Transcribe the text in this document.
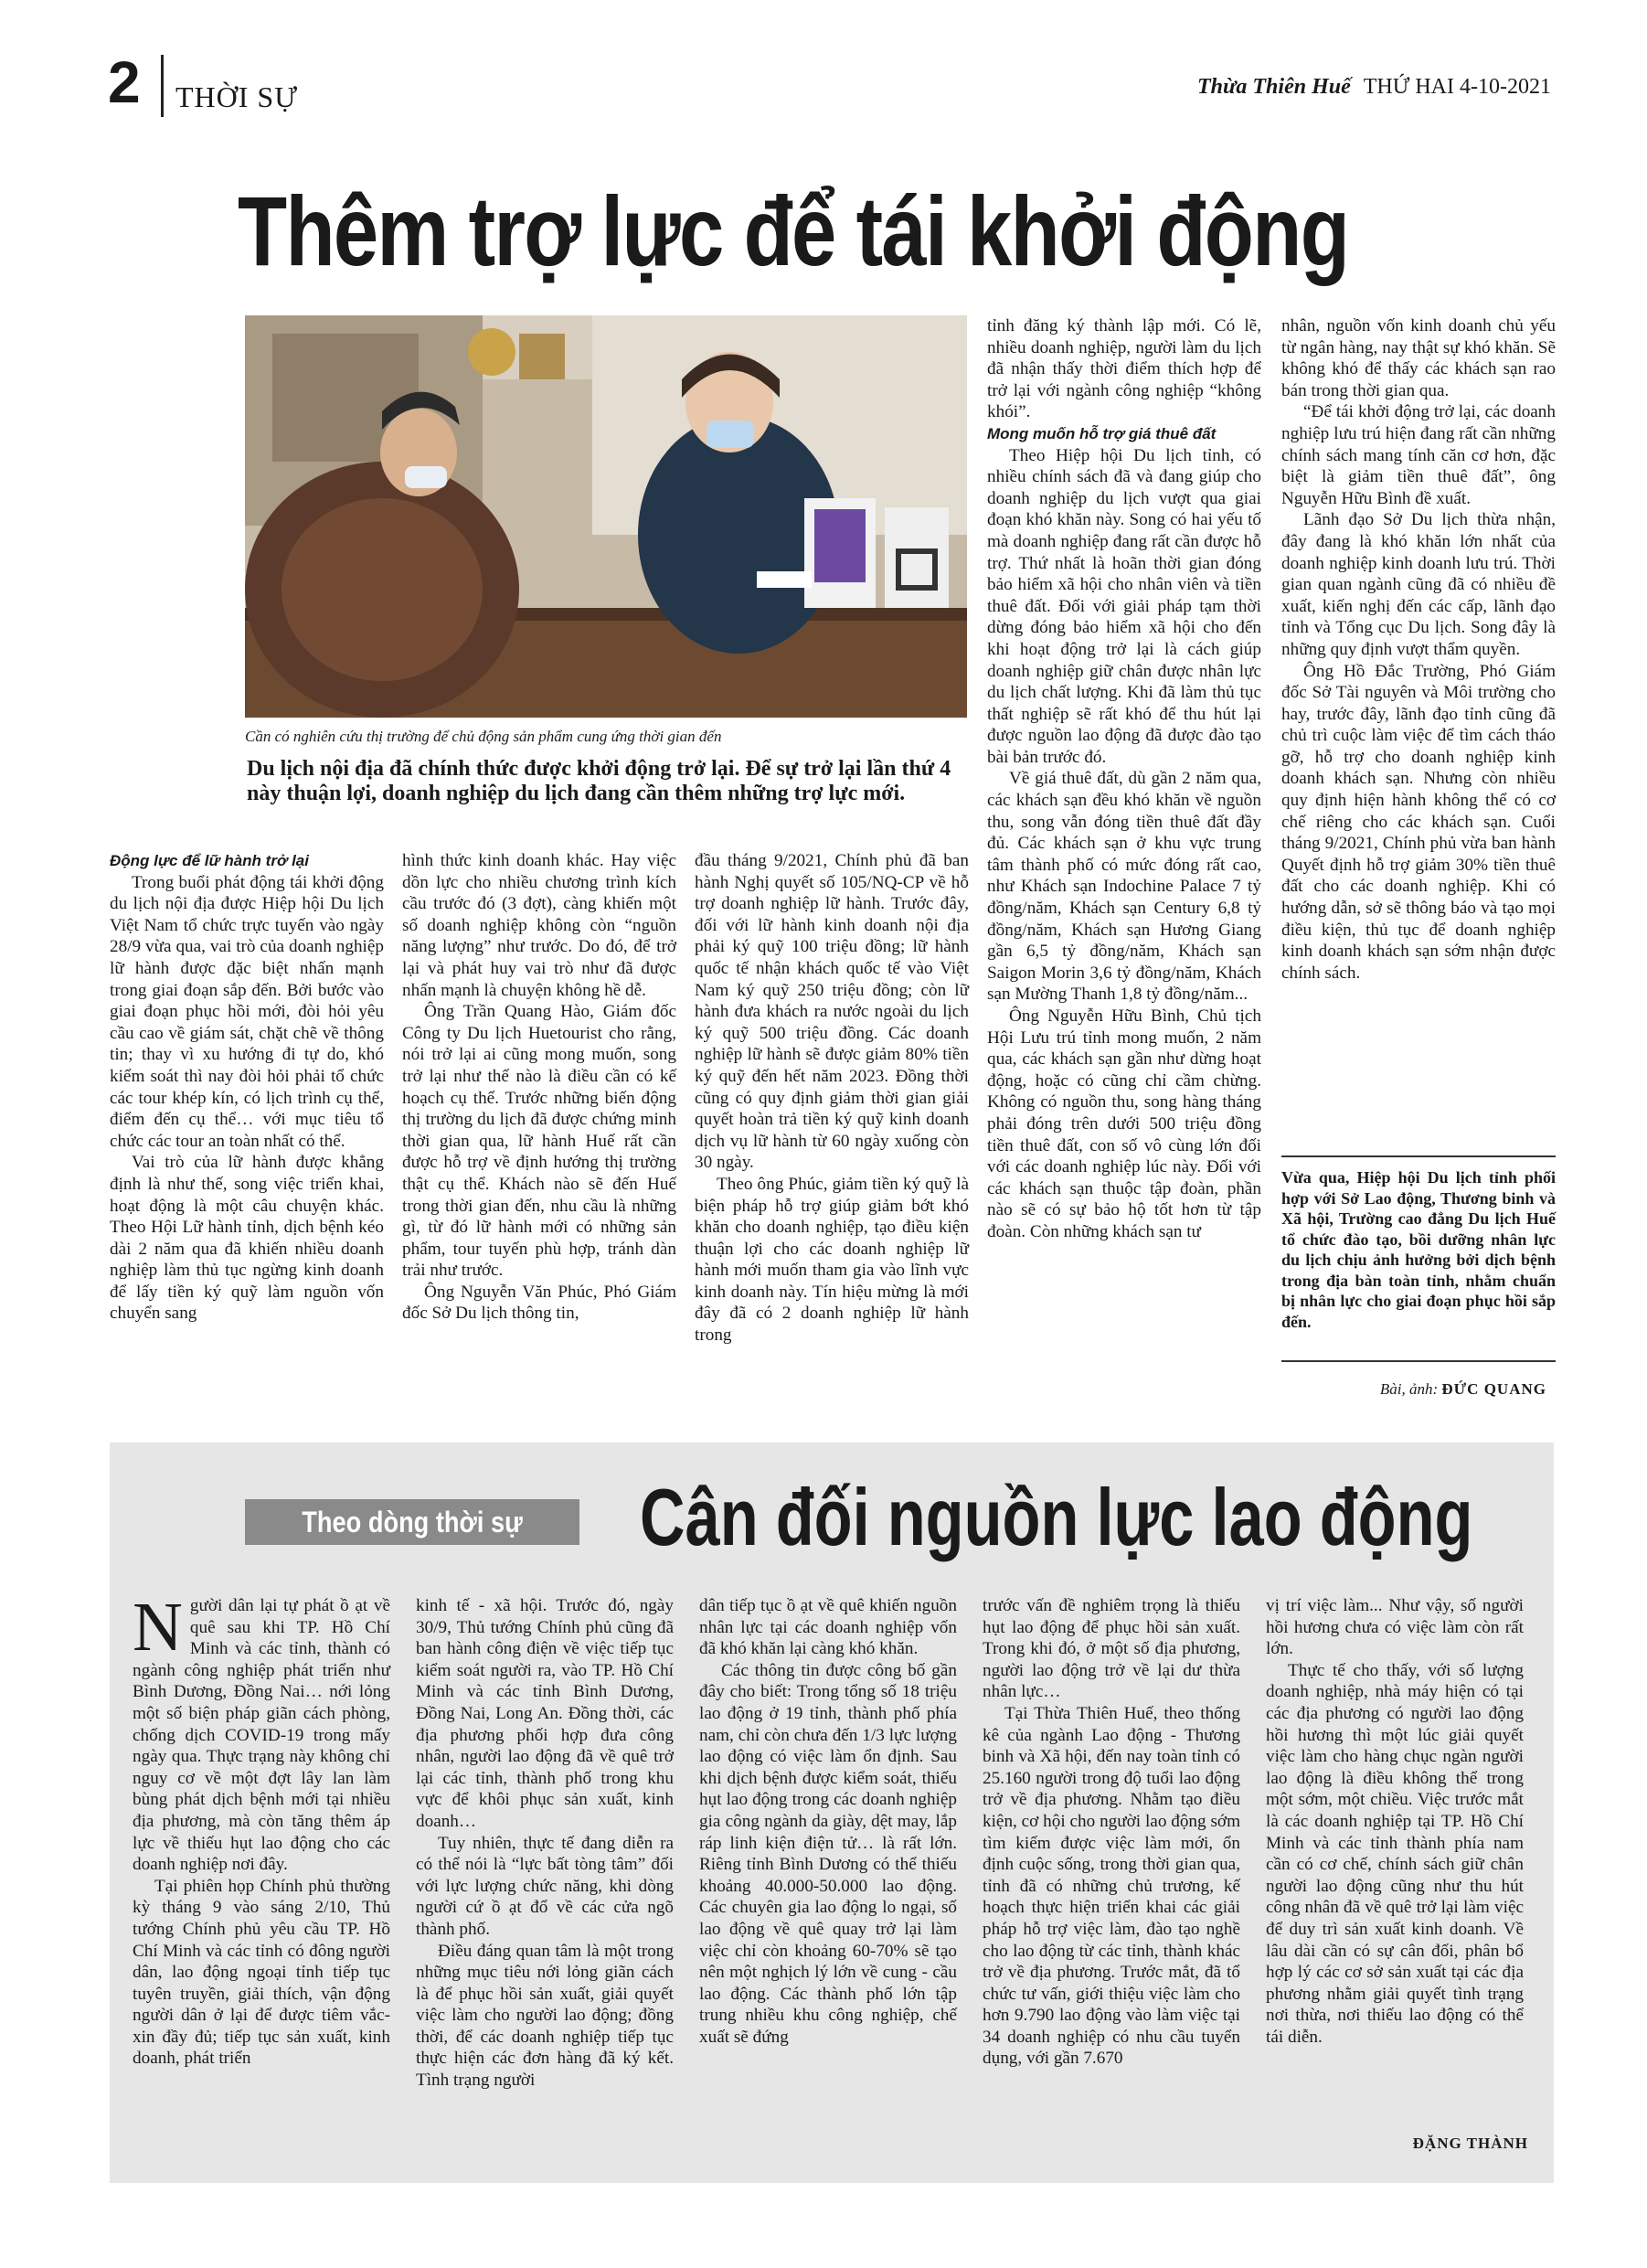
2 THỜI SỰ	Thừa Thiên Huế THỨ HAI 4-10-2021
Thêm trợ lực để tái khởi động
Cần có nghiên cứu thị trường để chủ động sản phẩm cung ứng thời gian đến
Du lịch nội địa đã chính thức được khởi động trở lại. Để sự trở lại lần thứ 4 này thuận lợi, doanh nghiệp du lịch đang cần thêm những trợ lực mới.

Động lực để lữ hành trở lại

Trong buổi phát động tái khởi động du lịch nội địa được Hiệp hội Du lịch Việt Nam tổ chức trực tuyến vào ngày 28/9 vừa qua, vai trò của doanh nghiệp lữ hành được đặc biệt nhấn mạnh trong giai đoạn sắp đến. Bởi bước vào giai đoạn phục hồi mới, đòi hỏi yêu cầu cao về giám sát, chặt chẽ về thông tin; thay vì xu hướng đi tự do, khó kiểm soát thì nay đòi hỏi phải tổ chức các tour khép kín, có lịch trình cụ thể, điểm đến cụ thể… với mục tiêu tổ chức các tour an toàn nhất có thể.

Vai trò của lữ hành được khẳng định là như thế, song việc triển khai, hoạt động là một câu chuyện khác. Theo Hội Lữ hành tỉnh, dịch bệnh kéo dài 2 năm qua đã khiến nhiều doanh nghiệp làm thủ tục ngừng kinh doanh để lấy tiền ký quỹ làm nguồn vốn chuyển sang

hình thức kinh doanh khác. Hay việc dồn lực cho nhiều chương trình kích cầu trước đó (3 đợt), càng khiến một số doanh nghiệp không còn “nguồn năng lượng” như trước. Do đó, để trở lại và phát huy vai trò như đã được nhấn mạnh là chuyện không hề dễ.

Ông Trần Quang Hào, Giám đốc Công ty Du lịch Huetourist cho rằng, nói trở lại ai cũng mong muốn, song trở lại như thế nào là điều cần có kế hoạch cụ thể. Trước những biến động thị trường du lịch đã được chứng minh thời gian qua, lữ hành Huế rất cần được hỗ trợ về định hướng thị trường thật cụ thể. Khách nào sẽ đến Huế trong thời gian đến, nhu cầu là những gì, từ đó lữ hành mới có những sản phẩm, tour tuyến phù hợp, tránh dàn trải như trước.

Ông Nguyễn Văn Phúc, Phó Giám đốc Sở Du lịch thông tin,

đầu tháng 9/2021, Chính phủ đã ban hành Nghị quyết số 105/NQ-CP về hỗ trợ doanh nghiệp lữ hành. Trước đây, đối với lữ hành kinh doanh nội địa phải ký quỹ 100 triệu đồng; lữ hành quốc tế nhận khách quốc tế vào Việt Nam ký quỹ 250 triệu đồng; còn lữ hành đưa khách ra nước ngoài du lịch ký quỹ 500 triệu đồng. Các doanh nghiệp lữ hành sẽ được giảm 80% tiền ký quỹ đến hết năm 2023. Đồng thời cũng có quy định giảm thời gian giải quyết hoàn trả tiền ký quỹ kinh doanh dịch vụ lữ hành từ 60 ngày xuống còn 30 ngày.

Theo ông Phúc, giảm tiền ký quỹ là biện pháp hỗ trợ giúp giảm bớt khó khăn cho doanh nghiệp, tạo điều kiện thuận lợi cho các doanh nghiệp lữ hành mới muốn tham gia vào lĩnh vực kinh doanh này. Tín hiệu mừng là mới đây đã có 2 doanh nghiệp lữ hành trong

tỉnh đăng ký thành lập mới. Có lẽ, nhiều doanh nghiệp, người làm du lịch đã nhận thấy thời điểm thích hợp để trở lại với ngành công nghiệp “không khói”.

Mong muốn hỗ trợ giá thuê đất

Theo Hiệp hội Du lịch tỉnh, có nhiều chính sách đã và đang giúp cho doanh nghiệp du lịch vượt qua giai đoạn khó khăn này. Song có hai yếu tố mà doanh nghiệp đang rất cần được hỗ trợ. Thứ nhất là hoãn thời gian đóng bảo hiểm xã hội cho nhân viên và tiền thuê đất. Đối với giải pháp tạm thời dừng đóng bảo hiểm xã hội cho đến khi hoạt động trở lại là cách giúp doanh nghiệp giữ chân được nhân lực du lịch chất lượng. Khi đã làm thủ tục thất nghiệp sẽ rất khó để thu hút lại được nguồn lao động đã được đào tạo bài bản trước đó.

Về giá thuê đất, dù gần 2 năm qua, các khách sạn đều khó khăn về nguồn thu, song vẫn đóng tiền thuê đất đầy đủ. Các khách sạn ở khu vực trung tâm thành phố có mức đóng rất cao, như Khách sạn Indochine Palace 7 tỷ đồng/năm, Khách sạn Century 6,8 tỷ đồng/năm, Khách sạn Hương Giang gần 6,5 tỷ đồng/năm, Khách sạn Saigon Morin 3,6 tỷ đồng/năm, Khách sạn Mường Thanh 1,8 tỷ đồng/năm...

Ông Nguyễn Hữu Bình, Chủ tịch Hội Lưu trú tỉnh mong muốn, 2 năm qua, các khách sạn gần như dừng hoạt động, hoặc có cũng chỉ cầm chừng. Không có nguồn thu, song hàng tháng phải đóng trên dưới 500 triệu đồng tiền thuê đất, con số vô cùng lớn đối với các doanh nghiệp lúc này. Đối với các khách sạn thuộc tập đoàn, phần nào sẽ có sự bảo hộ tốt hơn từ tập đoàn. Còn những khách sạn tư

nhân, nguồn vốn kinh doanh chủ yếu từ ngân hàng, nay thật sự khó khăn. Sẽ không khó để thấy các khách sạn rao bán trong thời gian qua.

“Để tái khởi động trở lại, các doanh nghiệp lưu trú hiện đang rất cần những chính sách mang tính căn cơ hơn, đặc biệt là giảm tiền thuê đất”, ông Nguyễn Hữu Bình đề xuất.

Lãnh đạo Sở Du lịch thừa nhận, đây đang là khó khăn lớn nhất của doanh nghiệp kinh doanh lưu trú. Thời gian quan ngành cũng đã có nhiều đề xuất, kiến nghị đến các cấp, lãnh đạo tỉnh và Tổng cục Du lịch. Song đây là những quy định vượt thẩm quyền.

Ông Hồ Đắc Trường, Phó Giám đốc Sở Tài nguyên và Môi trường cho hay, trước đây, lãnh đạo tỉnh cũng đã chủ trì cuộc làm việc để tìm cách tháo gỡ, hỗ trợ cho doanh nghiệp kinh doanh khách sạn. Nhưng còn nhiều quy định hiện hành không thể có cơ chế riêng cho các khách sạn. Cuối tháng 9/2021, Chính phủ vừa ban hành Quyết định hỗ trợ giảm 30% tiền thuê đất cho các doanh nghiệp. Khi có hướng dẫn, sở sẽ thông báo và tạo mọi điều kiện, thủ tục để doanh nghiệp kinh doanh khách sạn sớm nhận được chính sách.

Vừa qua, Hiệp hội Du lịch tỉnh phối hợp với Sở Lao động, Thương binh và Xã hội, Trường cao đẳng Du lịch Huế tổ chức đào tạo, bồi dưỡng nhân lực du lịch chịu ảnh hưởng bởi dịch bệnh trong địa bàn toàn tỉnh, nhằm chuẩn bị nhân lực cho giai đoạn phục hồi sắp đến.
Bài, ảnh: ĐỨC QUANG
Theo dòng thời sự	Cân đối nguồn lực lao động

Người dân lại tự phát ồ ạt về quê sau khi TP. Hồ Chí Minh và các tỉnh, thành có ngành công nghiệp phát triển như Bình Dương, Đồng Nai… nới lỏng một số biện pháp giãn cách phòng, chống dịch COVID-19 trong mấy ngày qua. Thực trạng này không chỉ nguy cơ về một đợt lây lan làm bùng phát dịch bệnh mới tại nhiều địa phương, mà còn tăng thêm áp lực về thiếu hụt lao động cho các doanh nghiệp nơi đây.

Tại phiên họp Chính phủ thường kỳ tháng 9 vào sáng 2/10, Thủ tướng Chính phủ yêu cầu TP. Hồ Chí Minh và các tỉnh có đông người dân, lao động ngoại tỉnh tiếp tục tuyên truyền, giải thích, vận động người dân ở lại để được tiêm vắc-xin đầy đủ; tiếp tục sản xuất, kinh doanh, phát triển

kinh tế - xã hội. Trước đó, ngày 30/9, Thủ tướng Chính phủ cũng đã ban hành công điện về việc tiếp tục kiểm soát người ra, vào TP. Hồ Chí Minh và các tỉnh Bình Dương, Đồng Nai, Long An. Đồng thời, các địa phương phối hợp đưa công nhân, người lao động đã về quê trở lại các tỉnh, thành phố trong khu vực để khôi phục sản xuất, kinh doanh…

Tuy nhiên, thực tế đang diễn ra có thể nói là “lực bất tòng tâm” đối với lực lượng chức năng, khi dòng người cứ ồ ạt đổ về các cửa ngõ thành phố.

Điều đáng quan tâm là một trong những mục tiêu nới lỏng giãn cách là để phục hồi sản xuất, giải quyết việc làm cho người lao động; đồng thời, để các doanh nghiệp tiếp tục thực hiện các đơn hàng đã ký kết. Tình trạng người

dân tiếp tục ồ ạt về quê khiến nguồn nhân lực tại các doanh nghiệp vốn đã khó khăn lại càng khó khăn.

Các thông tin được công bố gần đây cho biết: Trong tổng số 18 triệu lao động ở 19 tỉnh, thành phố phía nam, chỉ còn chưa đến 1/3 lực lượng lao động có việc làm ổn định. Sau khi dịch bệnh được kiểm soát, thiếu hụt lao động trong các doanh nghiệp gia công ngành da giày, dệt may, lắp ráp linh kiện điện tử… là rất lớn. Riêng tỉnh Bình Dương có thể thiếu khoảng 40.000-50.000 lao động. Các chuyên gia lao động lo ngại, số lao động về quê quay trở lại làm việc chỉ còn khoảng 60-70% sẽ tạo nên một nghịch lý lớn về cung - cầu lao động. Các thành phố lớn tập trung nhiều khu công nghiệp, chế xuất sẽ đứng

trước vấn đề nghiêm trọng là thiếu hụt lao động để phục hồi sản xuất. Trong khi đó, ở một số địa phương, người lao động trở về lại dư thừa nhân lực…

Tại Thừa Thiên Huế, theo thống kê của ngành Lao động - Thương binh và Xã hội, đến nay toàn tỉnh có 25.160 người trong độ tuổi lao động trở về địa phương. Nhằm tạo điều kiện, cơ hội cho người lao động sớm tìm kiếm được việc làm mới, ổn định cuộc sống, trong thời gian qua, tỉnh đã có những chủ trương, kế hoạch thực hiện triển khai các giải pháp hỗ trợ việc làm, đào tạo nghề cho lao động từ các tỉnh, thành khác trở về địa phương. Trước mắt, đã tổ chức tư vấn, giới thiệu việc làm cho hơn 9.790 lao động vào làm việc tại 34 doanh nghiệp có nhu cầu tuyển dụng, với gần 7.670

vị trí việc làm... Như vậy, số người hồi hương chưa có việc làm còn rất lớn.

Thực tế cho thấy, với số lượng doanh nghiệp, nhà máy hiện có tại các địa phương có người lao động hồi hương thì một lúc giải quyết việc làm cho hàng chục ngàn người lao động là điều không thể trong một sớm, một chiều. Việc trước mắt là các doanh nghiệp tại TP. Hồ Chí Minh và các tỉnh thành phía nam cần có cơ chế, chính sách giữ chân người lao động cũng như thu hút công nhân đã về quê trở lại làm việc để duy trì sản xuất kinh doanh. Về lâu dài cần có sự cân đối, phân bổ hợp lý các cơ sở sản xuất tại các địa phương nhằm giải quyết tình trạng nơi thừa, nơi thiếu lao động có thể tái diễn.

ĐẶNG THÀNH
